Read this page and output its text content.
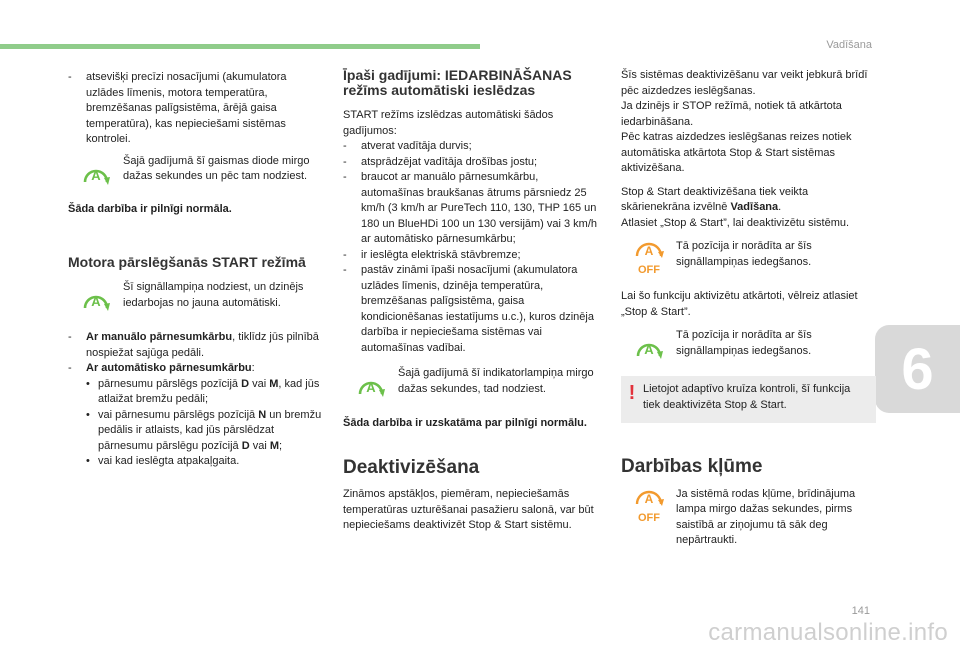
Vadīšana
6
-	atsevišķi precīzi nosacījumi (akumulatora uzlādes līmenis, motora temperatūra, bremzēšanas palīgsistēma, ārējā gaisa temperatūra), kas nepieciešami sistēmas kontrolei.
A
Šajā gadījumā šī gaismas diode mirgo dažas sekundes un pēc tam nodziest.

Šāda darbība ir pilnīgi normāla.

Motora pārslēgšanās START režīmā
A
Šī signāllampiņa nodziest, un dzinējs iedarbojas no jauna automātiski.
-	Ar manuālo pārnesumkārbu, tiklīdz jūs pilnībā nospiežat sajūga pedāli.
-	Ar automātisko pārnesumkārbu:
• pārnesumu pārslēgs pozīcijā D vai M, kad jūs atlaižat bremžu pedāli;
• vai pārnesumu pārslēgs pozīcijā N un bremžu pedālis ir atlaists, kad jūs pārslēdzat pārnesumu pārslēgu pozīcijā D vai M;
• vai kad ieslēgta atpakaļgaita.
Īpaši gadījumi: IEDARBINĀŠANAS režīms automātiski ieslēdzas

START režīms izslēdzas automātiski šādos gadījumos:

-	atverat vadītāja durvis;
-	atsprādzējat vadītāja drošības jostu;
-	braucot ar manuālo pārnesumkārbu, automašīnas braukšanas ātrums pārsniedz 25 km/h (3 km/h ar PureTech 110, 130, THP 165 un 180 un BlueHDi 100 un 130 versijām) vai 3 km/h ar automātisko pārnesumkārbu;
-	ir ieslēgta elektriskā stāvbremze;
-	pastāv zināmi īpaši nosacījumi (akumulatora uzlādes līmenis, dzinēja temperatūra, bremzēšanas palīgsistēma, gaisa kondicionēšanas iestatījums u.c.), kuros dzinēja darbība ir nepieciešama sistēmas vai automašīnas vadībai.
A
Šajā gadījumā šī indikatorlampiņa mirgo dažas sekundes, tad nodziest.

Šāda darbība ir uzskatāma par pilnīgi normālu.

Deaktivizēšana

Zināmos apstākļos, piemēram, nepieciešamās temperatūras uzturēšanai pasažieru salonā, var būt nepieciešams deaktivizēt Stop & Start sistēmu.

Šīs sistēmas deaktivizēšanu var veikt jebkurā brīdī pēc aizdedzes ieslēgšanas.

Ja dzinējs ir STOP režīmā, notiek tā atkārtota iedarbināšana.

Pēc katras aizdedzes ieslēgšanas reizes notiek automātiska atkārtota Stop & Start sistēmas aktivizēšana.

Stop & Start deaktivizēšana tiek veikta skārienekrāna izvēlnē Vadīšana.

Atlasiet „Stop & Start”, lai deaktivizētu sistēmu.

A
OFF
Tā pozīcija ir norādīta ar šīs signāllampiņas iedegšanos.

Lai šo funkciju aktivizētu atkārtoti, vēlreiz atlasiet „Stop & Start”.

A
Tā pozīcija ir norādīta ar šīs signāllampiņas iedegšanos.
! Lietojot adaptīvo kruīza kontroli, šī funkcija tiek deaktivizēta Stop & Start.
Darbības kļūme
A
OFF
Ja sistēmā rodas kļūme, brīdinājuma lampa mirgo dažas sekundes, pirms saistībā ar ziņojumu tā sāk deg nepārtraukti.
141
carmanualsonline.info
